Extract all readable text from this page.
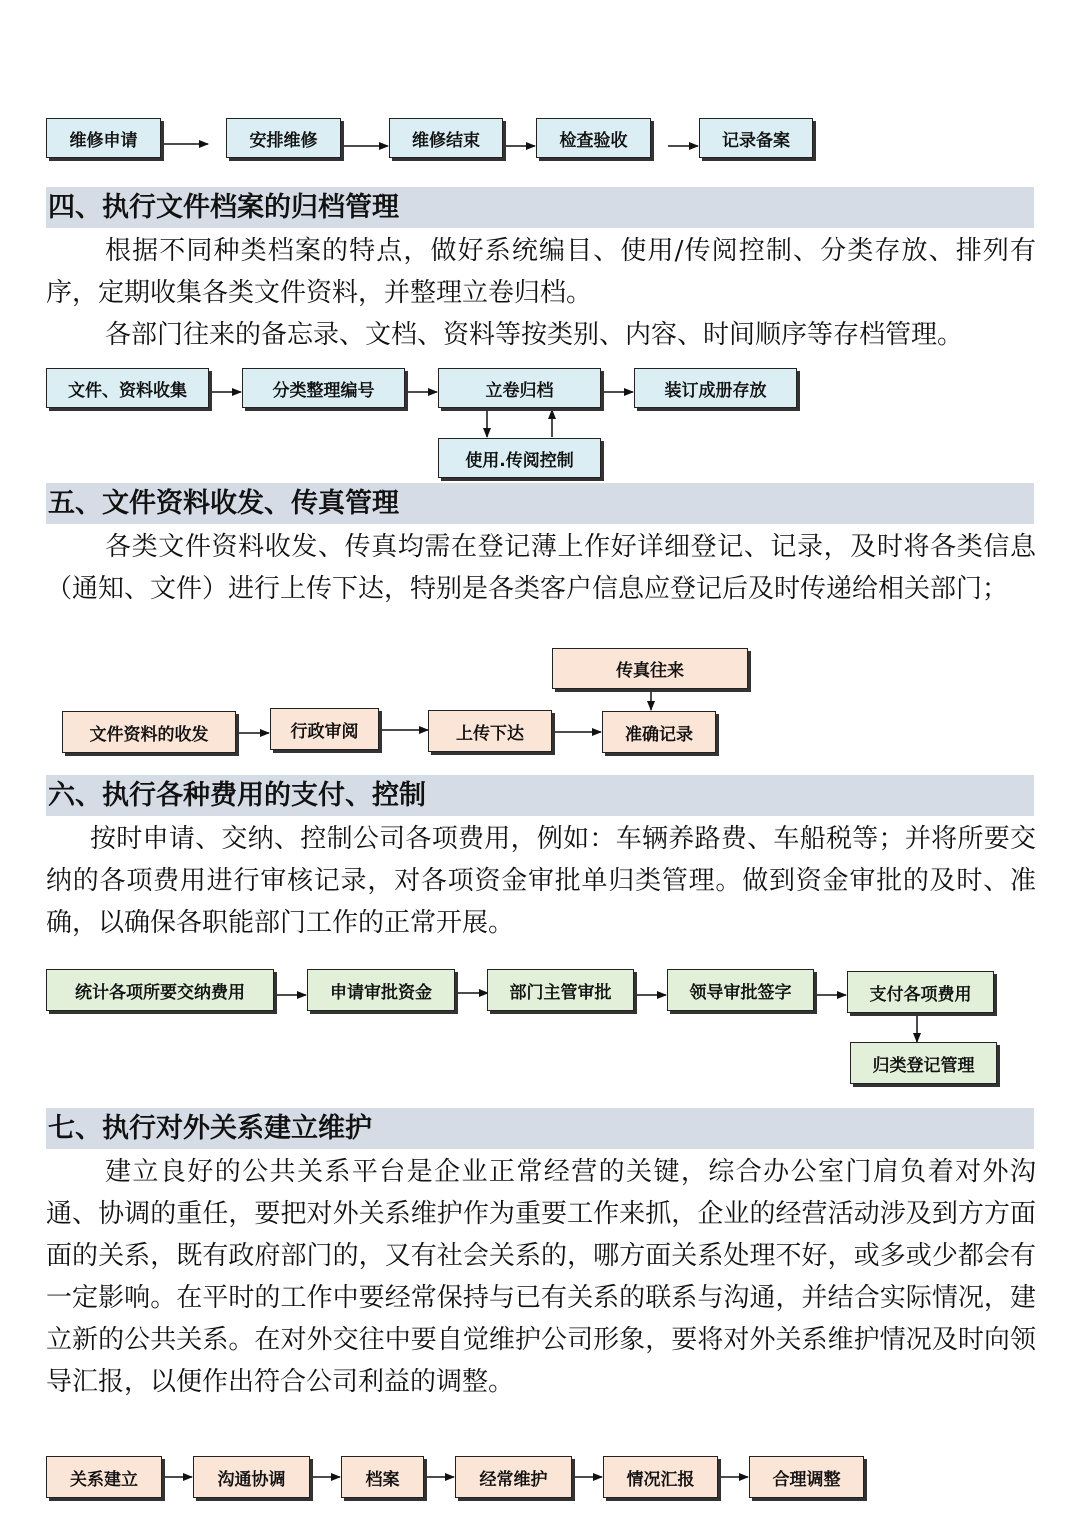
维修申请	安排维修	维修结束	检查验收	记录备案
四、执行文件档案的归档管理

根据不同种类档案的特点，做好系统编目、使用/传阅控制、分类存放、排列有序，定期收集各类文件资料，并整理立卷归档。

各部门往来的备忘录、文档、资料等按类别、内容、时间顺序等存档管理。

文件、资料收集	分类整理编号	立卷归档	装订成册存放
使用.传阅控制
五、文件资料收发、传真管理

各类文件资料收发、传真均需在登记薄上作好详细登记、记录，及时将各类信息（通知、文件）进行上传下达，特别是各类客户信息应登记后及时传递给相关部门；

传真往来
文件资料的收发	行政审阅	上传下达	准确记录
六、执行各种费用的支付、控制

按时申请、交纳、控制公司各项费用，例如：车辆养路费、车船税等；并将所要交纳的各项费用进行审核记录，对各项资金审批单归类管理。做到资金审批的及时、准确，以确保各职能部门工作的正常开展。

统计各项所要交纳费用	申请审批资金	部门主管审批	领导审批签字	支付各项费用
归类登记管理
七、执行对外关系建立维护

建立良好的公共关系平台是企业正常经营的关键，综合办公室门肩负着对外沟通、协调的重任，要把对外关系维护作为重要工作来抓，企业的经营活动涉及到方方面面的关系，既有政府部门的，又有社会关系的，哪方面关系处理不好，或多或少都会有一定影响。在平时的工作中要经常保持与已有关系的联系与沟通，并结合实际情况，建立新的公共关系。在对外交往中要自觉维护公司形象，要将对外关系维护情况及时向领导汇报，以便作出符合公司利益的调整。

关系建立	沟通协调	档案	经常维护	情况汇报	合理调整
